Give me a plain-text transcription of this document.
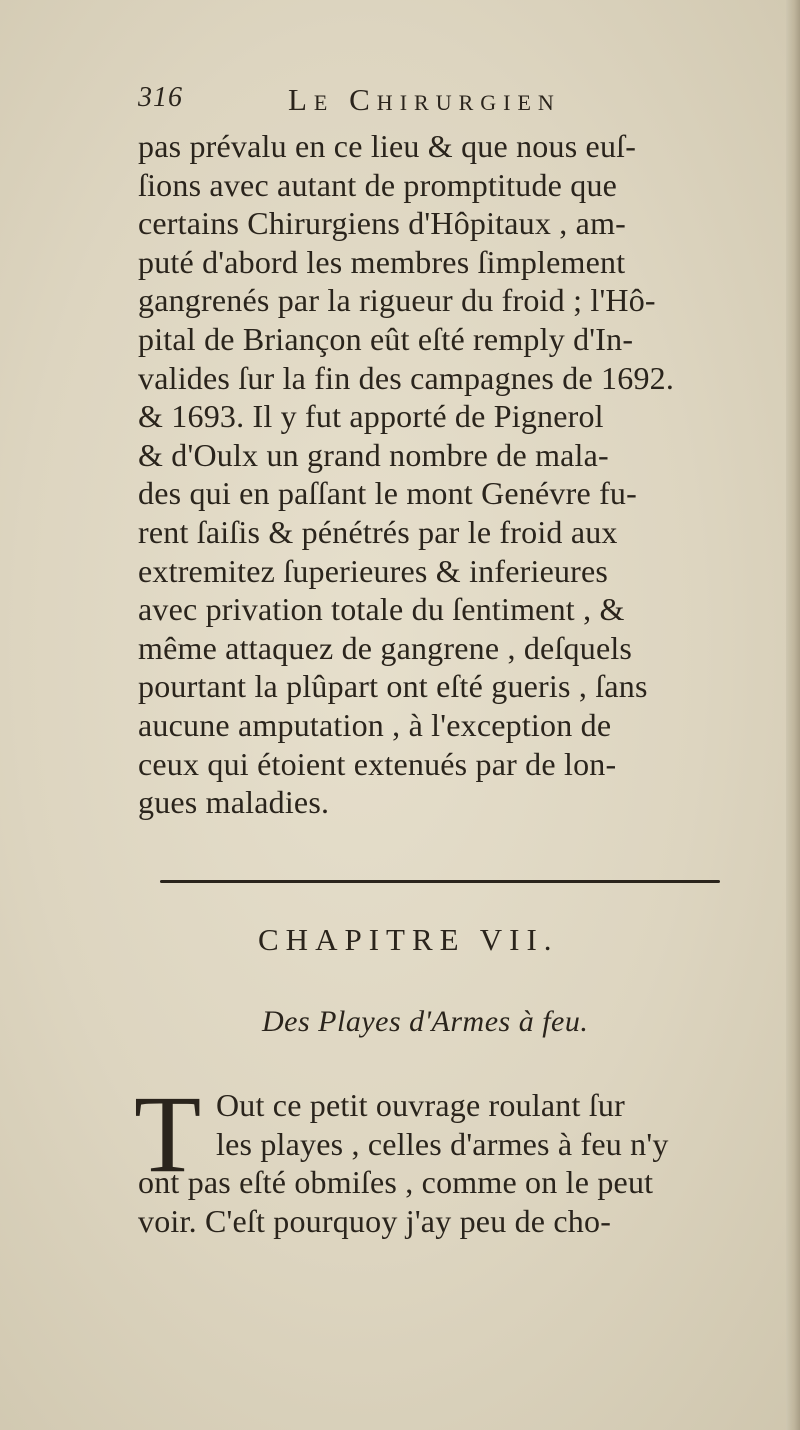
316	Le Chirurgien
pas prévalu en ce lieu & que nous euſ-
ſions avec autant de promptitude que
certains Chirurgiens d'Hôpitaux , am-
puté d'abord les membres ſimplement
gangrenés par la rigueur du froid ; l'Hô-
pital de Briançon eût eſté remply d'In-
valides ſur la fin des campagnes de 1692.
& 1693. Il y fut apporté de Pignerol
& d'Oulx un grand nombre de mala-
des qui en paſſant le mont Genévre fu-
rent ſaiſis & pénétrés par le froid aux
extremitez ſuperieures & inferieures
avec privation totale du ſentiment , &
même attaquez de gangrene , deſquels
pourtant la plûpart ont eſté gueris , ſans
aucune amputation , à l'exception de
ceux qui étoient extenués par de lon-
gues maladies.
CHAPITRE VII.
Des Playes d'Armes à feu.
T Out ce petit ouvrage roulant ſur
les playes , celles d'armes à feu n'y
ont pas eſté obmiſes , comme on le peut
voir. C'eſt pourquoy j'ay peu de cho-
